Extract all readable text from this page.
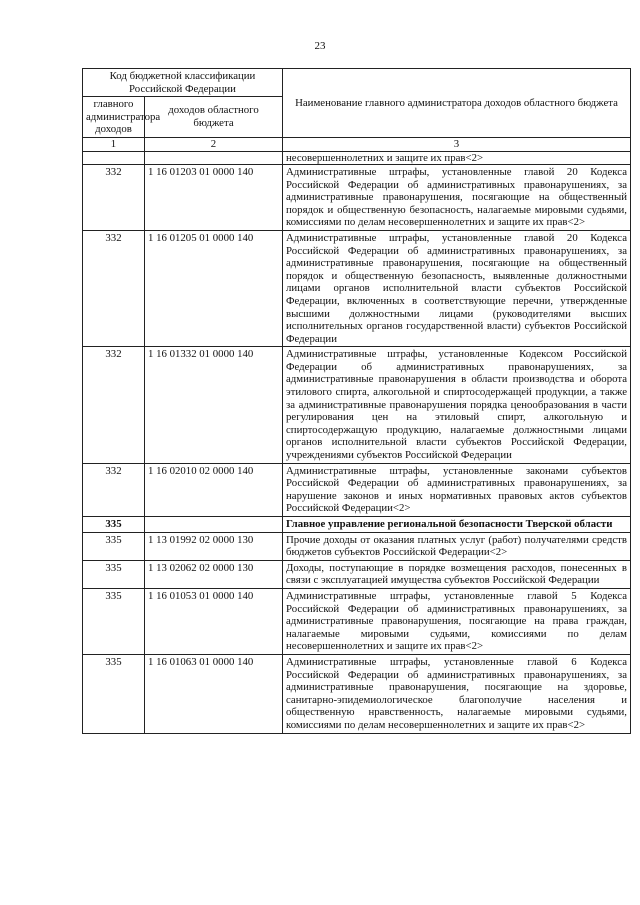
23
Код бюджетной классификации Российской Федерации		Наименование главного администратора доходов областного бюджета
главного администратора доходов	доходов областного бюджета	
1	2	3
		несовершеннолетних и защите их прав<2>
332	1 16 01203 01 0000 140	Административные штрафы, установленные главой 20 Кодекса Российской Федерации об административных правонарушениях, за административные правонарушения, посягающие на общественный порядок и общественную безопасность, налагаемые мировыми судьями, комиссиями по делам несовершеннолетних и защите их прав<2>
332	1 16 01205 01 0000 140	Административные штрафы, установленные главой 20 Кодекса Российской Федерации об административных правонарушениях, за административные правонарушения, посягающие на общественный порядок и общественную безопасность, выявленные должностными лицами органов исполнительной власти субъектов Российской Федерации, включенных в соответствующие перечни, утвержденные высшими должностными лицами (руководителями высших исполнительных органов государственной власти) субъектов Российской Федерации
332	1 16 01332 01 0000 140	Административные штрафы, установленные Кодексом Российской Федерации об административных правонарушениях, за административные правонарушения в области производства и оборота этилового спирта, алкогольной и спиртосодержащей продукции, а также за административные правонарушения порядка ценообразования в части регулирования цен на этиловый спирт, алкогольную и спиртосодержащую продукцию, налагаемые должностными лицами органов исполнительной власти субъектов Российской Федерации, учреждениями субъектов Российской Федерации
332	1 16 02010 02 0000 140	Административные штрафы, установленные законами субъектов Российской Федерации об административных правонарушениях, за нарушение законов и иных нормативных правовых актов субъектов Российской Федерации<2>
335		Главное управление региональной безопасности Тверской области
335	1 13 01992 02 0000 130	Прочие доходы от оказания платных услуг (работ) получателями средств бюджетов субъектов Российской Федерации<2>
335	1 13 02062 02 0000 130	Доходы, поступающие в порядке возмещения расходов, понесенных в связи с эксплуатацией имущества субъектов Российской Федерации
335	1 16 01053 01 0000 140	Административные штрафы, установленные главой 5 Кодекса Российской Федерации об административных правонарушениях, за административные правонарушения, посягающие на права граждан, налагаемые мировыми судьями, комиссиями по делам несовершеннолетних и защите их прав<2>
335	1 16 01063 01 0000 140	Административные штрафы, установленные главой 6 Кодекса Российской Федерации об административных правонарушениях, за административные правонарушения, посягающие на здоровье, санитарно-эпидемиологическое благополучие населения и общественную нравственность, налагаемые мировыми судьями, комиссиями по делам несовершеннолетних и защите их прав<2>
